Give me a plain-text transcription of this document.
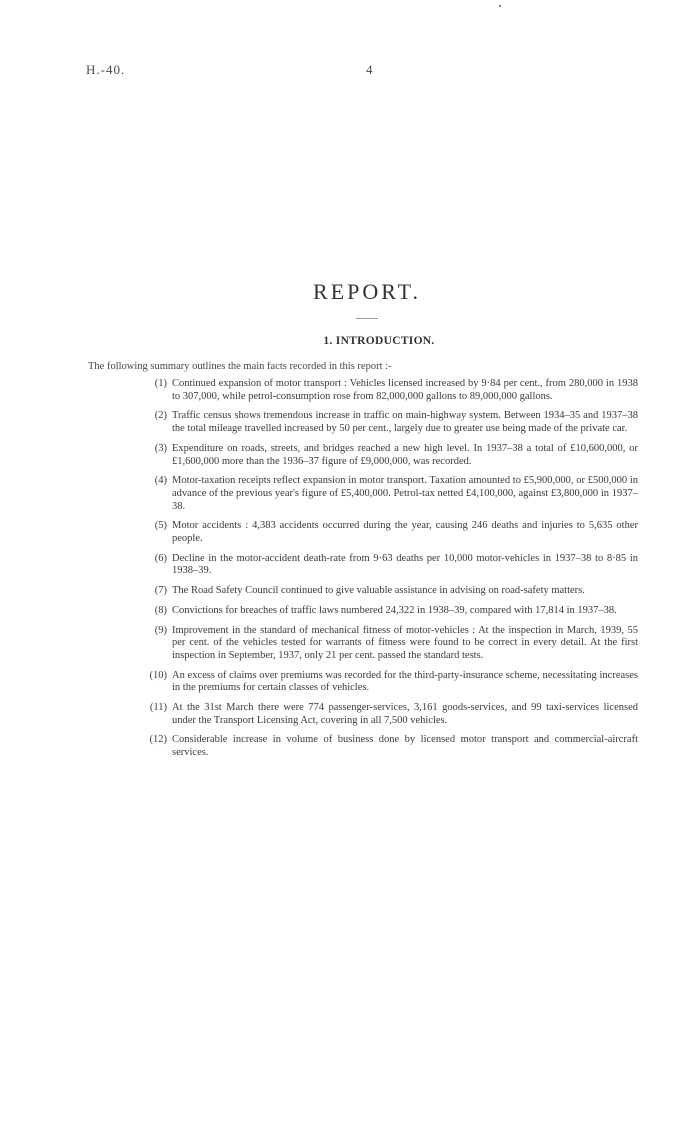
H.-40.	4
REPORT.
1. INTRODUCTION.
The following summary outlines the main facts recorded in this report :-
(1) Continued expansion of motor transport : Vehicles licensed increased by 9·84 per cent., from 280,000 in 1938 to 307,000, while petrol-consumption rose from 82,000,000 gallons to 89,000,000 gallons.
(2) Traffic census shows tremendous increase in traffic on main-highway system. Between 1934–35 and 1937–38 the total mileage travelled increased by 50 per cent., largely due to greater use being made of the private car.
(3) Expenditure on roads, streets, and bridges reached a new high level. In 1937–38 a total of £10,600,000, or £1,600,000 more than the 1936–37 figure of £9,000,000, was recorded.
(4) Motor-taxation receipts reflect expansion in motor transport. Taxation amounted to £5,900,000, or £500,000 in advance of the previous year's figure of £5,400,000. Petrol-tax netted £4,100,000, against £3,800,000 in 1937–38.
(5) Motor accidents : 4,383 accidents occurred during the year, causing 246 deaths and injuries to 5,635 other people.
(6) Decline in the motor-accident death-rate from 9·63 deaths per 10,000 motor-vehicles in 1937–38 to 8·85 in 1938–39.
(7) The Road Safety Council continued to give valuable assistance in advising on road-safety matters.
(8) Convictions for breaches of traffic laws numbered 24,322 in 1938–39, compared with 17,814 in 1937–38.
(9) Improvement in the standard of mechanical fitness of motor-vehicles : At the inspection in March, 1939, 55 per cent. of the vehicles tested for warrants of fitness were found to be correct in every detail. At the first inspection in September, 1937, only 21 per cent. passed the standard tests.
(10) An excess of claims over premiums was recorded for the third-party-insurance scheme, necessitating increases in the premiums for certain classes of vehicles.
(11) At the 31st March there were 774 passenger-services, 3,161 goods-services, and 99 taxi-services licensed under the Transport Licensing Act, covering in all 7,500 vehicles.
(12) Considerable increase in volume of business done by licensed motor transport and commercial-aircraft services.
